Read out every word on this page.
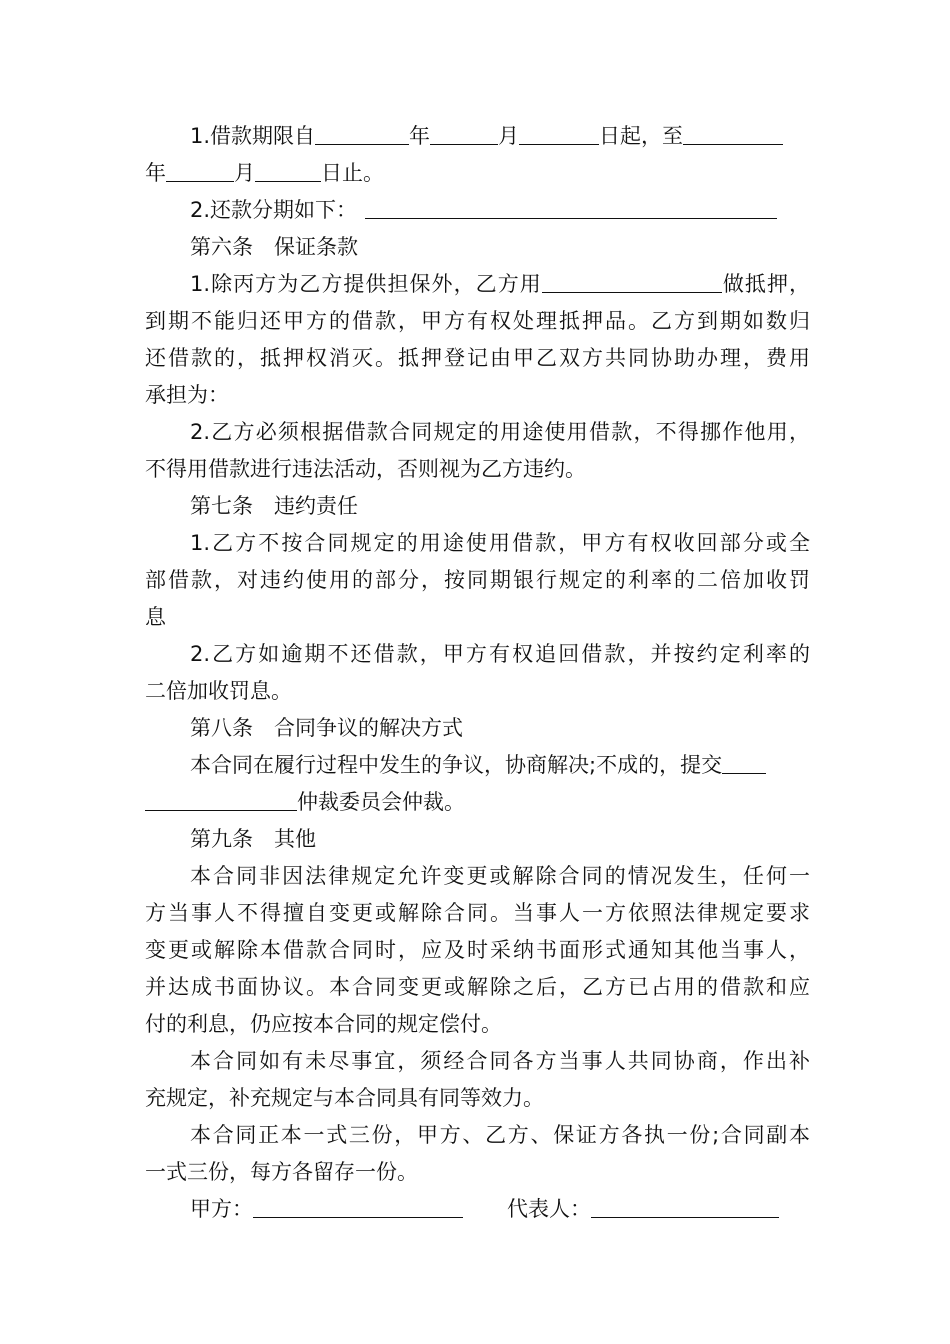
1.借款期限自	年	月	日起，至
年	月	日止。
2.还款分期如下：
第六条　保证条款
1.除丙方为乙方提供担保外，乙方用	做抵押，
到期不能归还甲方的借款，甲方有权处理抵押品。乙方到期如数归
还借款的，抵押权消灭。抵押登记由甲乙双方共同协助办理，费用
承担为：
2.乙方必须根据借款合同规定的用途使用借款，不得挪作他用，
不得用借款进行违法活动，否则视为乙方违约。
第七条　违约责任
1.乙方不按合同规定的用途使用借款，甲方有权收回部分或全
部借款，对违约使用的部分，按同期银行规定的利率的二倍加收罚
息
2.乙方如逾期不还借款，甲方有权追回借款，并按约定利率的
二倍加收罚息。
第八条　合同争议的解决方式
本合同在履行过程中发生的争议，协商解决;不成的，提交
仲裁委员会仲裁。
第九条　其他
本合同非因法律规定允许变更或解除合同的情况发生，任何一
方当事人不得擅自变更或解除合同。当事人一方依照法律规定要求
变更或解除本借款合同时，应及时采纳书面形式通知其他当事人，
并达成书面协议。本合同变更或解除之后，乙方已占用的借款和应
付的利息，仍应按本合同的规定偿付。
本合同如有未尽事宜，须经合同各方当事人共同协商，作出补
充规定，补充规定与本合同具有同等效力。
本合同正本一式三份，甲方、乙方、保证方各执一份;合同副本
一式三份，每方各留存一份。
甲方：	代表人：
